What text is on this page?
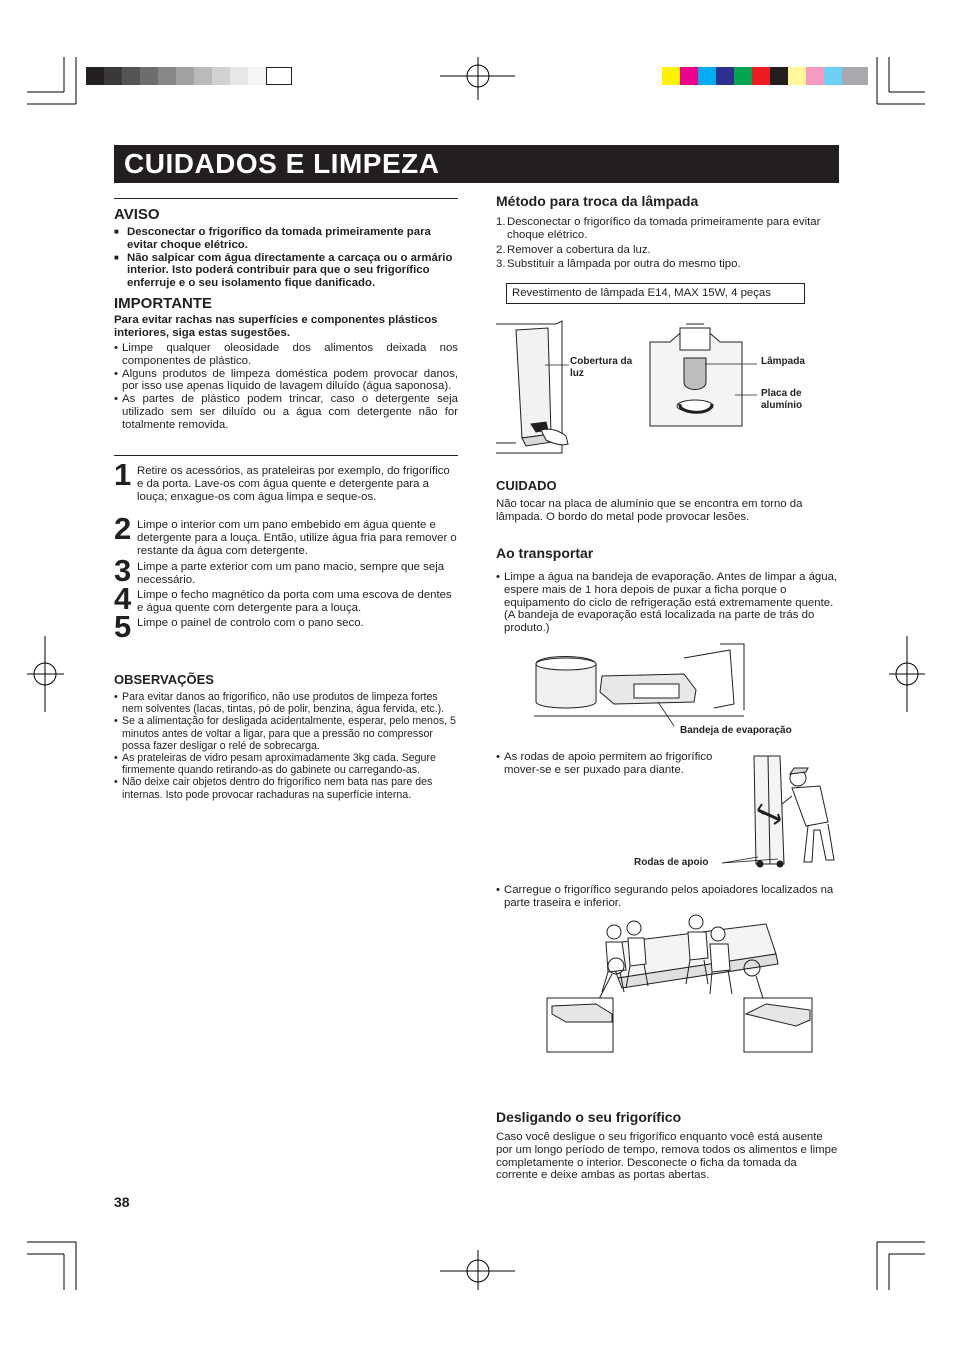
CUIDADOS E LIMPEZA
AVISO
■ Desconectar o frigorífico da tomada primeiramente para evitar choque elétrico.
■ Não salpicar com água directamente a carcaça ou o armário interior. Isto poderá contribuir para que o seu frigorífico enferruje e o seu isolamento fique danificado.
IMPORTANTE
Para evitar rachas nas superfícies e componentes plásticos interiores, siga estas sugestões.
• Limpe qualquer oleosidade dos alimentos deixada nos componentes de plástico.
• Alguns produtos de limpeza doméstica podem provocar danos, por isso use apenas líquido de lavagem diluído (água saponosa).
• As partes de plástico podem trincar, caso o detergente seja utilizado sem ser diluído ou a água com detergente não for totalmente removida.
1 Retire os acessórios, as prateleiras por exemplo, do frigorífico e da porta. Lave-os com água quente e detergente para a louça; enxague-os com água limpa e seque-os.
2 Limpe o interior com um pano embebido em água quente e detergente para a louça. Então, utilize água fria para remover o restante da água com detergente.
3 Limpe a parte exterior com um pano macio, sempre que seja necessário.
4 Limpe o fecho magnético da porta com uma escova de dentes e água quente com detergente para a louça.
5 Limpe o painel de controlo com o pano seco.
OBSERVAÇÕES
• Para evitar danos ao frigorífico, não use produtos de limpeza fortes nem solventes (lacas, tintas, pó de polir, benzina, água fervida, etc.).
• Se a alimentação for desligada acidentalmente, esperar, pelo menos, 5 minutos antes de voltar a ligar, para que a pressão no compressor possa fazer desligar o relé de sobrecarga.
• As prateleiras de vidro pesam aproximadamente 3kg cada. Segure firmemente quando retirando-as do gabinete ou carregando-as.
• Não deixe cair objetos dentro do frigorífico nem bata nas pare des internas. Isto pode provocar rachaduras na superfície interna.
38
Método para troca da lâmpada
1. Desconectar o frigorífico da tomada primeiramente para evitar choque elétrico.
2. Remover a cobertura da luz.
3. Substituir a lâmpada por outra do mesmo tipo.
Revestimento de lâmpada E14, MAX 15W, 4 peças
Cobertura da luz
Lâmpada
Placa de alumínio
CUIDADO
Não tocar na placa de alumínio que se encontra em torno da lâmpada. O bordo do metal pode provocar lesões.
Ao transportar
• Limpe a água na bandeja de evaporação. Antes de limpar a água, espere mais de 1 hora depois de puxar a ficha porque o equipamento do ciclo de refrigeração está extremamente quente. (A bandeja de evaporação está localizada na parte de trás do produto.)
Bandeja de evaporação
• As rodas de apoio permitem ao frigorífico mover-se e ser puxado para diante.
Rodas de apoio
• Carregue o frigorífico segurando pelos apoiadores localizados na parte traseira e inferior.
Desligando o seu frigorífico
Caso você desligue o seu frigorífico enquanto você está ausente por um longo período de tempo, remova todos os alimentos e limpe completamente o interior. Desconecte o ficha da tomada da corrente e deixe ambas as portas abertas.
